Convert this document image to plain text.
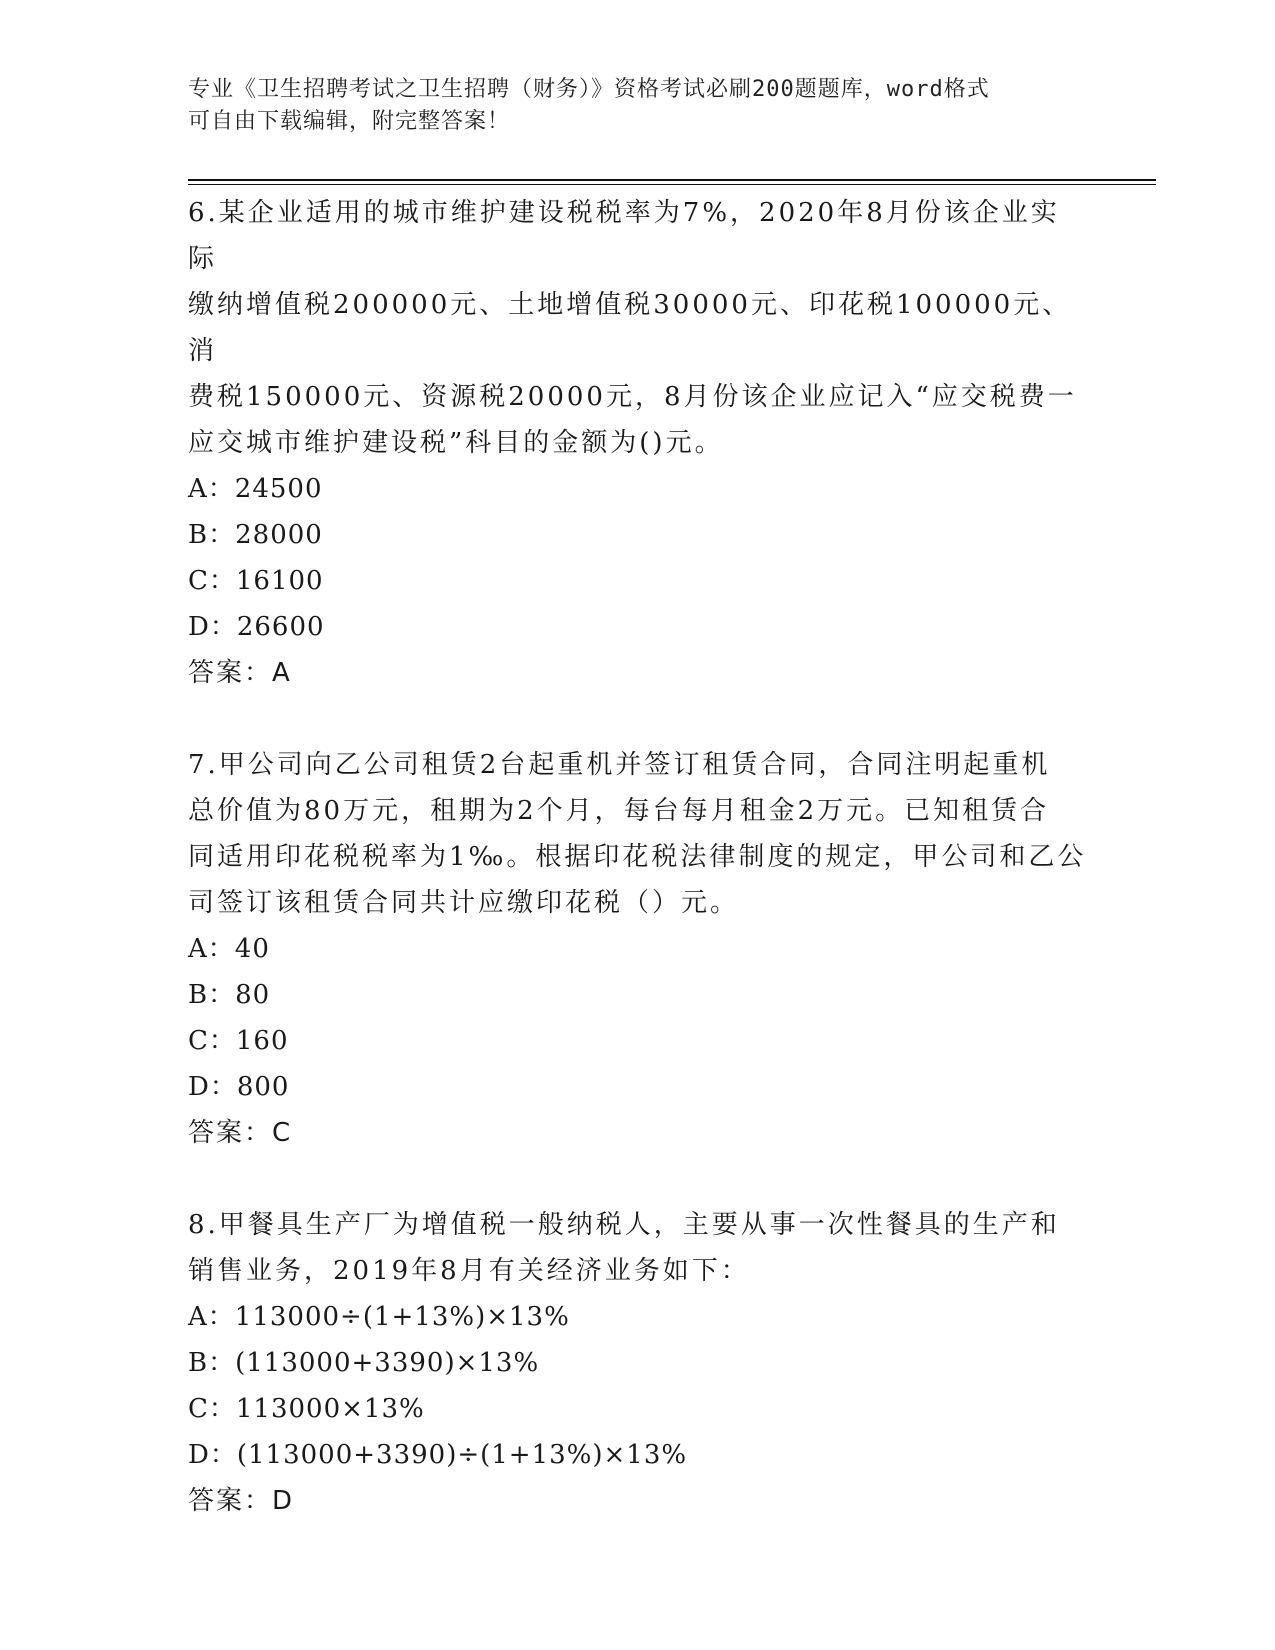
专业《卫生招聘考试之卫生招聘（财务）》资格考试必刷200题题库，word格式
可自由下载编辑，附完整答案！

6.某企业适用的城市维护建设税税率为7%，2020年8月份该企业实际

缴纳增值税200000元、土地增值税30000元、印花税100000元、消

费税150000元、资源税20000元，8月份该企业应记入“应交税费一

应交城市维护建设税”科目的金额为()元。

A：24500

B：28000

C：16100

D：26600

答案：A

7.甲公司向乙公司租赁2台起重机并签订租赁合同，合同注明起重机

总价值为80万元，租期为2个月，每台每月租金2万元。已知租赁合

同适用印花税税率为1‰。根据印花税法律制度的规定，甲公司和乙公

司签订该租赁合同共计应缴印花税（）元。

A：40

B：80

C：160

D：800

答案：C

8.甲餐具生产厂为增值税一般纳税人，主要从事一次性餐具的生产和

销售业务，2019年8月有关经济业务如下：

A：113000÷(1+13%)×13%

B：(113000+3390)×13%

C：113000×13%

D：(113000+3390)÷(1+13%)×13%

答案：D
